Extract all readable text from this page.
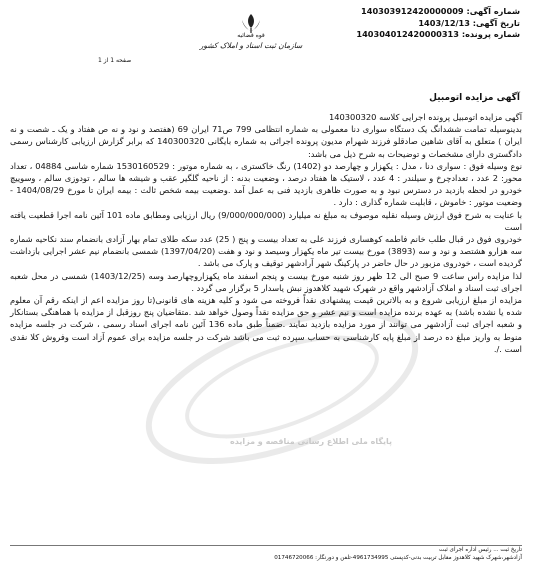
شماره آگهی: 140303912420000009
تاریخ آگهی: 1403/12/13
شماره پرونده: 140304012420000313
قوه قضائیه
سازمان ثبت اسناد و املاک کشور
صفحه 1 از 1
آگهی مزایده اتومبیل
پایگاه ملی اطلاع رسانی مناقصه و مزایده

آگهی مزایده اتومبیل پرونده اجرایی کلاسه 140300320

بدینوسیله تمامت ششدانگ یک دستگاه سواری دنا معمولی به شماره انتظامی 799 ص71 ایران 69 (هفتصد و نود و نه ص هفتاد و یک ـ شصت و نه ایران ) متعلق به آقای شاهین صادقلو فرزند شهرام مدیون پرونده اجرائی به شماره بایگانی 140300320 که برابر گزارش ارزیابی کارشناس رسمی دادگستری دارای مشخصات و توضیحات به شرح ذیل می باشد:

نوع وسیله فوق : سواری دنا ، مدل : یکهزار و چهارصد دو (1402) رنگ خاکستری ، به شماره موتور : 1530160529 شماره شاسی 04884 ، تعداد محور: 2 عدد ، تعدادچرخ و سیلندر : 4 عدد ، لاستیک ها هفتاد درصد ، وضعیت بدنه : از ناحیه گلگیر عقب و شیشه ها سالم ، تودوزی سالم ، وسوییچ خودرو در لحظه بازدید در دسترس نبود و به صورت ظاهری بازدید فنی به عمل آمد .وضعیت بیمه شخص ثالث : بیمه ایران تا مورخ 1404/08/29 - وضعیت موتور : خاموش ، قابلیت شماره گذاری : دارد .

با عنایت به شرح فوق ارزش وسیله نقلیه موصوف به مبلغ نه میلیارد (9/000/000/000) ریال ارزیابی ومطابق ماده 101 آئین نامه اجرا قطعیت یافته است

خودروی فوق در قبال طلب خانم فاطمه کوهساری فرزند علی به تعداد بیست و پنج ( 25) عدد سکه طلای تمام بهار آزادی بانضمام سند نکاحیه شماره سه هزارو هشتصد و نود و سه (3893) مورخ بیست تیر ماه یکهزار وسیصد و نود و هفت (1397/04/20) شمسی بانضمام نیم عشر اجرایی بازداشت گردیده است ، خودروی مزبور در حال حاضر در پارکینگ شهر آرادشهر توقیف و پارک می باشد .

لذا مزایده راس ساعت 9 صبح الی 12 ظهر روز شنبه مورخ بیست و پنجم اسفند ماه یکهزاروچهارصد وسه (1403/12/25) شمسی در محل شعبه اجرای ثبت اسناد و املاک آزادشهر واقع در شهرک شهید کلاهدوز نبش یاسدار 5 برگزار می گردد .

مزایده از مبلغ ارزیابی شروع و به بالاترین قیمت پیشنهادی نقداً فروخته می شود و کلیه هزینه های قانونی(تا روز مزایده اعم از اینکه رقم آن معلوم شده یا نشده باشد) به عهده برنده مزایده است و نیم عشر و حق مزایده نقداً وصول خواهد شد .متقاضیان پنج روزقبل از مزایده با هماهنگی بستانکار و شعبه اجرای ثبت آزادشهر می توانند از مورد مزایده بازدید نمایند .ضمناً طبق ماده 136 آئین نامه اجرای اسناد رسمی ، شرکت در جلسه مزایده منوط به واریز مبلغ ده درصد از مبلغ پایه کارشناسی به حساب سپرده ثبت می باشد شرکت در جلسه مزایده برای عموم آزاد است وفروش کلا نقدی است ./.

تاریخ ثبت ... رئیس اداره اجرای ثبت
آزادشهر،شهرک شهید کلاهدوز مقابل تربیت بدنی-کدپستی 4961734995-تلفن و دورنگار: 01746720066
